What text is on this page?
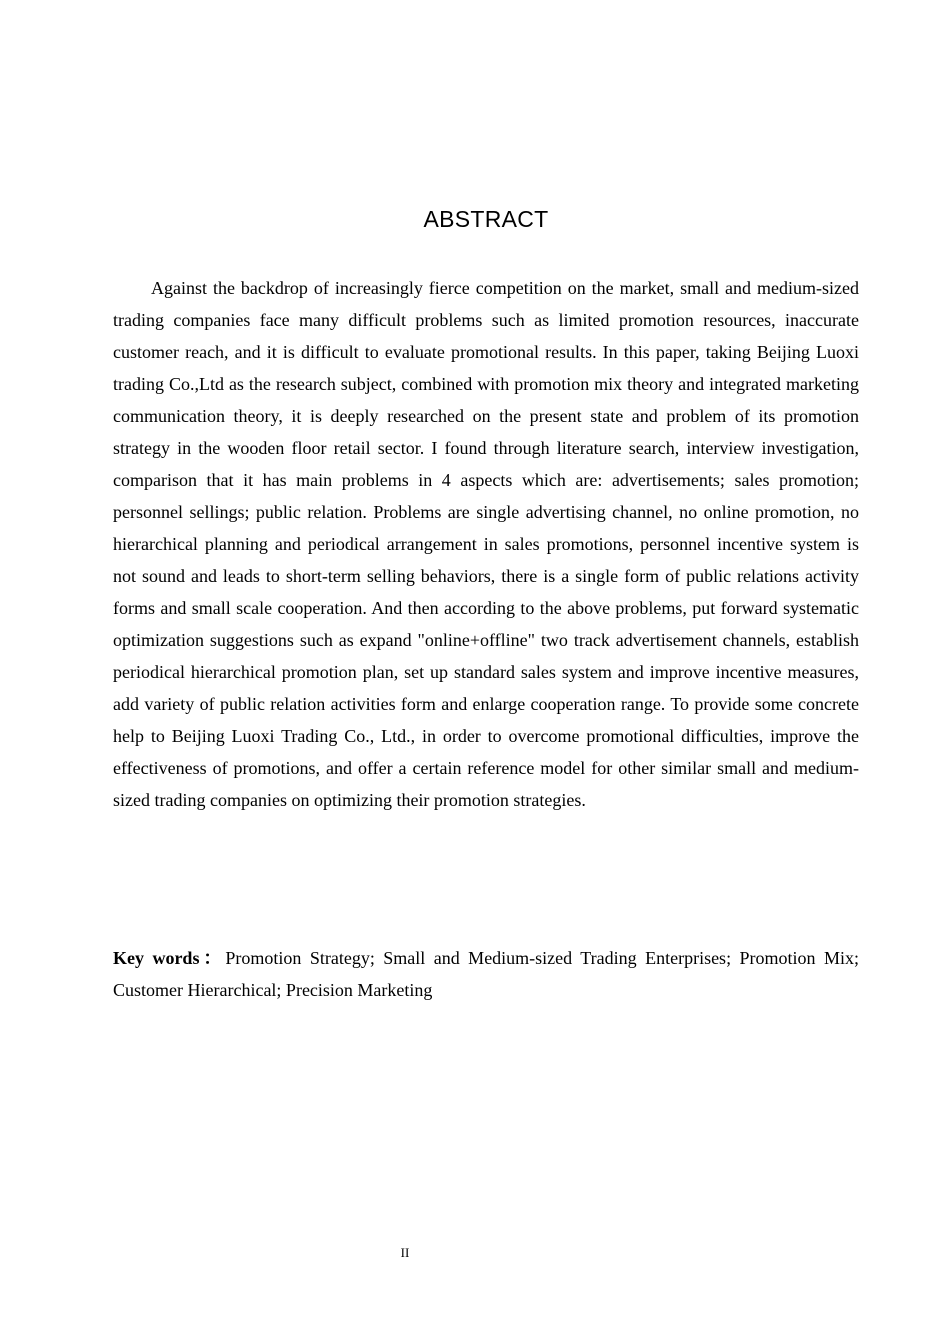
ABSTRACT

Against the backdrop of increasingly fierce competition on the market, small and medium-sized trading companies face many difficult problems such as limited promotion resources, inaccurate customer reach, and it is difficult to evaluate promotional results. In this paper, taking Beijing Luoxi trading Co.,Ltd as the research subject, combined with promotion mix theory and integrated marketing communication theory, it is deeply researched on the present state and problem of its promotion strategy in the wooden floor retail sector. I found through literature search, interview investigation, comparison that it has main problems in 4 aspects which are: advertisements; sales promotion; personnel sellings; public relation. Problems are single advertising channel, no online promotion, no hierarchical planning and periodical arrangement in sales promotions, personnel incentive system is not sound and leads to short-term selling behaviors, there is a single form of public relations activity forms and small scale cooperation. And then according to the above problems, put forward systematic optimization suggestions such as expand "online+offline" two track advertisement channels, establish periodical hierarchical promotion plan, set up standard sales system and improve incentive measures, add variety of public relation activities form and enlarge cooperation range. To provide some concrete help to Beijing Luoxi Trading Co., Ltd., in order to overcome promotional difficulties, improve the effectiveness of promotions, and offer a certain reference model for other similar small and medium-sized trading companies on optimizing their promotion strategies.

Key words：Promotion Strategy; Small and Medium-sized Trading Enterprises; Promotion Mix; Customer Hierarchical; Precision Marketing

II
